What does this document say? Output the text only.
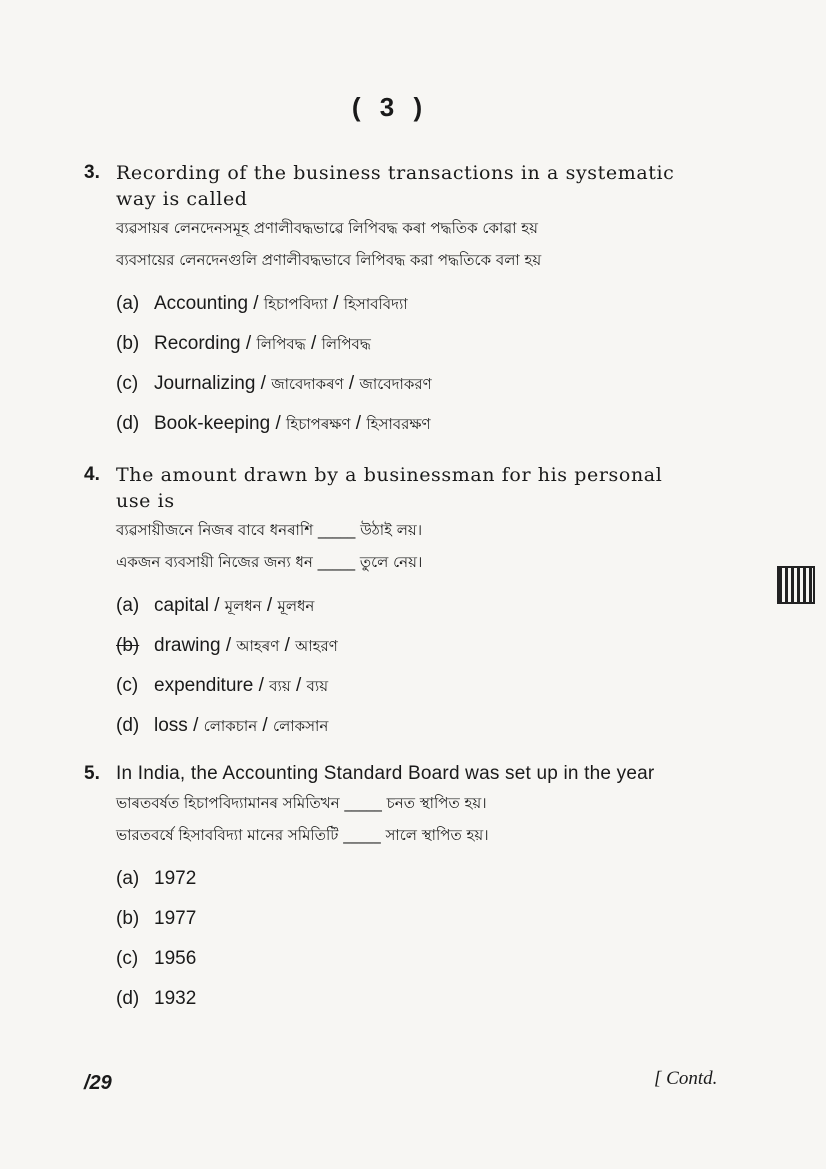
( 3 )
3. Recording of the business transactions in a systematic way is called
ব্যৱসায়ৰ লেনদেনসমূহ প্ৰণালীবদ্ধভাৱে লিপিবদ্ধ কৰা পদ্ধতিক কোৱা হয়
ব্যবসায়ের লেনদেনগুলি প্রণালীবদ্ধভাবে লিপিবদ্ধ করা পদ্ধতিকে বলা হয়
(a) Accounting / হিচাপবিদ্যা / হিসাববিদ্যা
(b) Recording / লিপিবদ্ধ / লিপিবদ্ধ
(c) Journalizing / জাবেদাকৰণ / জাবেদাকরণ
(d) Book-keeping / হিচাপৰক্ষণ / হিসাবরক্ষণ
4. The amount drawn by a businessman for his personal use is
ব্যৱসায়ীজনে নিজৰ বাবে ধনৰাশি _____ উঠাই লয়।
একজন ব্যবসায়ী নিজের জন্য ধন _____ তুলে নেয়।
(a) capital / মূলধন / মূলধন
(b) drawing / আহৰণ / আহরণ
(c) expenditure / ব্যয় / ব্যয়
(d) loss / লোকচান / লোকসান
5. In India, the Accounting Standard Board was set up in the year
ভাৰতবৰ্ষত হিচাপবিদ্যামানৰ সমিতিখন _____ চনত স্থাপিত হয়।
ভারতবর্ষে হিসাববিদ্যা মানের সমিতিটি _____ সালে স্থাপিত হয়।
(a) 1972
(b) 1977
(c) 1956
(d) 1932
/29	[ Contd.
